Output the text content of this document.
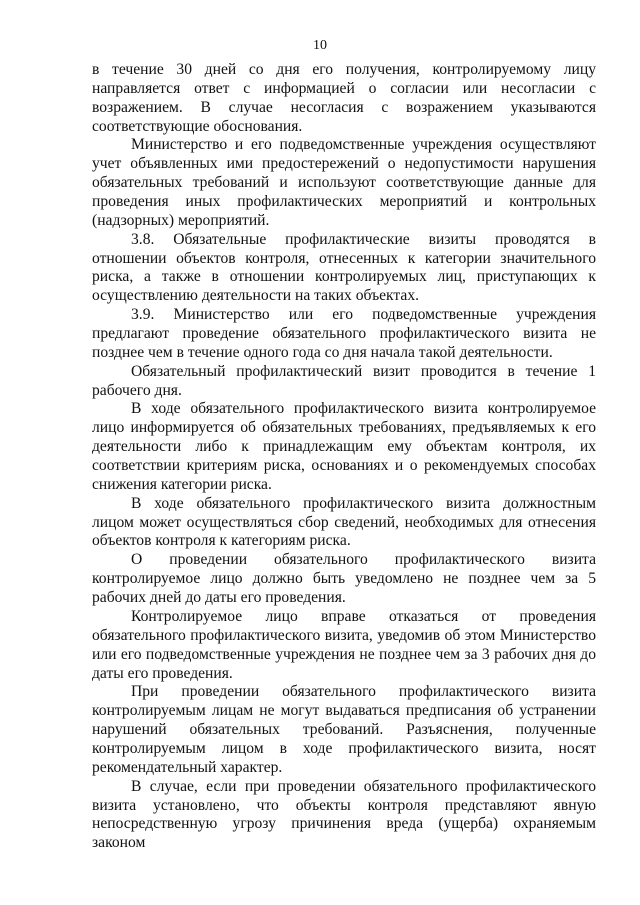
10

в течение 30 дней со дня его получения, контролируемому лицу направляется ответ с информацией о согласии или несогласии с возражением. В случае несогласия с возражением указываются соответствующие обоснования.

Министерство и его подведомственные учреждения осуществляют учет объявленных ими предостережений о недопустимости нарушения обязательных требований и используют соответствующие данные для проведения иных профилактических мероприятий и контрольных (надзорных) мероприятий.

3.8. Обязательные профилактические визиты проводятся в отношении объектов контроля, отнесенных к категории значительного риска, а также в отношении контролируемых лиц, приступающих к осуществлению деятельности на таких объектах.

3.9. Министерство или его подведомственные учреждения предлагают проведение обязательного профилактического визита не позднее чем в течение одного года со дня начала такой деятельности.

Обязательный профилактический визит проводится в течение 1 рабочего дня.

В ходе обязательного профилактического визита контролируемое лицо информируется об обязательных требованиях, предъявляемых к его деятельности либо к принадлежащим ему объектам контроля, их соответствии критериям риска, основаниях и о рекомендуемых способах снижения категории риска.

В ходе обязательного профилактического визита должностным лицом может осуществляться сбор сведений, необходимых для отнесения объектов контроля к категориям риска.

О проведении обязательного профилактического визита контролируемое лицо должно быть уведомлено не позднее чем за 5 рабочих дней до даты его проведения.

Контролируемое лицо вправе отказаться от проведения обязательного профилактического визита, уведомив об этом Министерство или его подведомственные учреждения не позднее чем за 3 рабочих дня до даты его проведения.

При проведении обязательного профилактического визита контролируемым лицам не могут выдаваться предписания об устранении нарушений обязательных требований. Разъяснения, полученные контролируемым лицом в ходе профилактического визита, носят рекомендательный характер.

В случае, если при проведении обязательного профилактического визита установлено, что объекты контроля представляют явную непосредственную угрозу причинения вреда (ущерба) охраняемым законом
